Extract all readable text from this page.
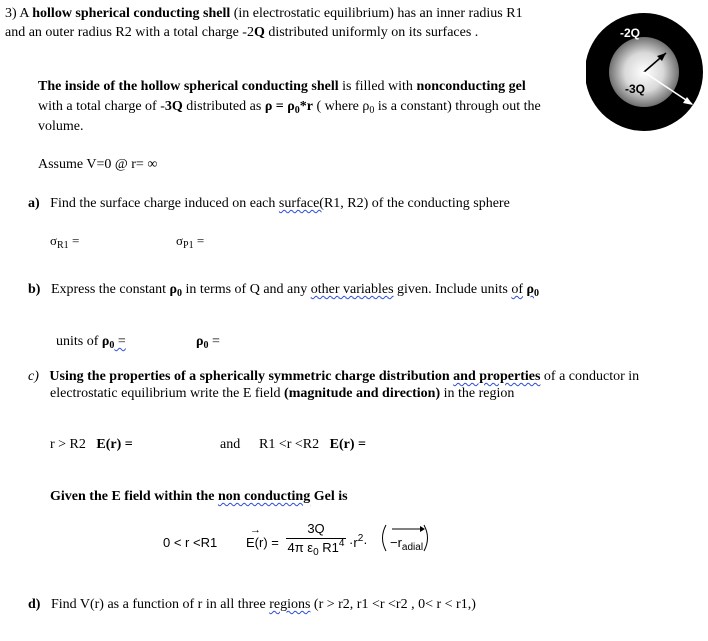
3) A hollow spherical conducting shell (in electrostatic equilibrium) has an inner radius R1
and an outer radius R2 with a total charge -2Q distributed uniformly on its surfaces .	-2Q
-3Q
The inside of the hollow spherical conducting shell is filled with nonconducting gel
with a total charge of -3Q distributed as $\rho = \rho_0*r$ ( where $\rho_0$ is a constant) through out the
volume.
Assume V=0 @ r= ∞
a) Find the surface charge induced on each surface(R1, R2) of the conducting sphere
$\sigma_{R1}$ =	$\sigma_{P1}$ =
b) Express the constant $\rho_0$ in terms of Q and any other variables given. Include units of $\rho_0$
units of $\rho_0$ =	$\rho_0$ =
c) Using the properties of a spherically symmetric charge distribution and properties of a conductor in
electrostatic equilibrium write the E field (magnitude and direction) in the region
r > R2 E(r) =	and R1 <r <R2 E(r) =
Given the E field within the non conducting Gel is
0 < r <R1
→
E(r) =
3Q
4π $\varepsilon_0$ $R1^4 \cdot r^2\cdot -r_{adial}$
d) Find V(r) as a function of r in all three regions (r > r2, r1 <r <r2 , 0< r < r1,)
